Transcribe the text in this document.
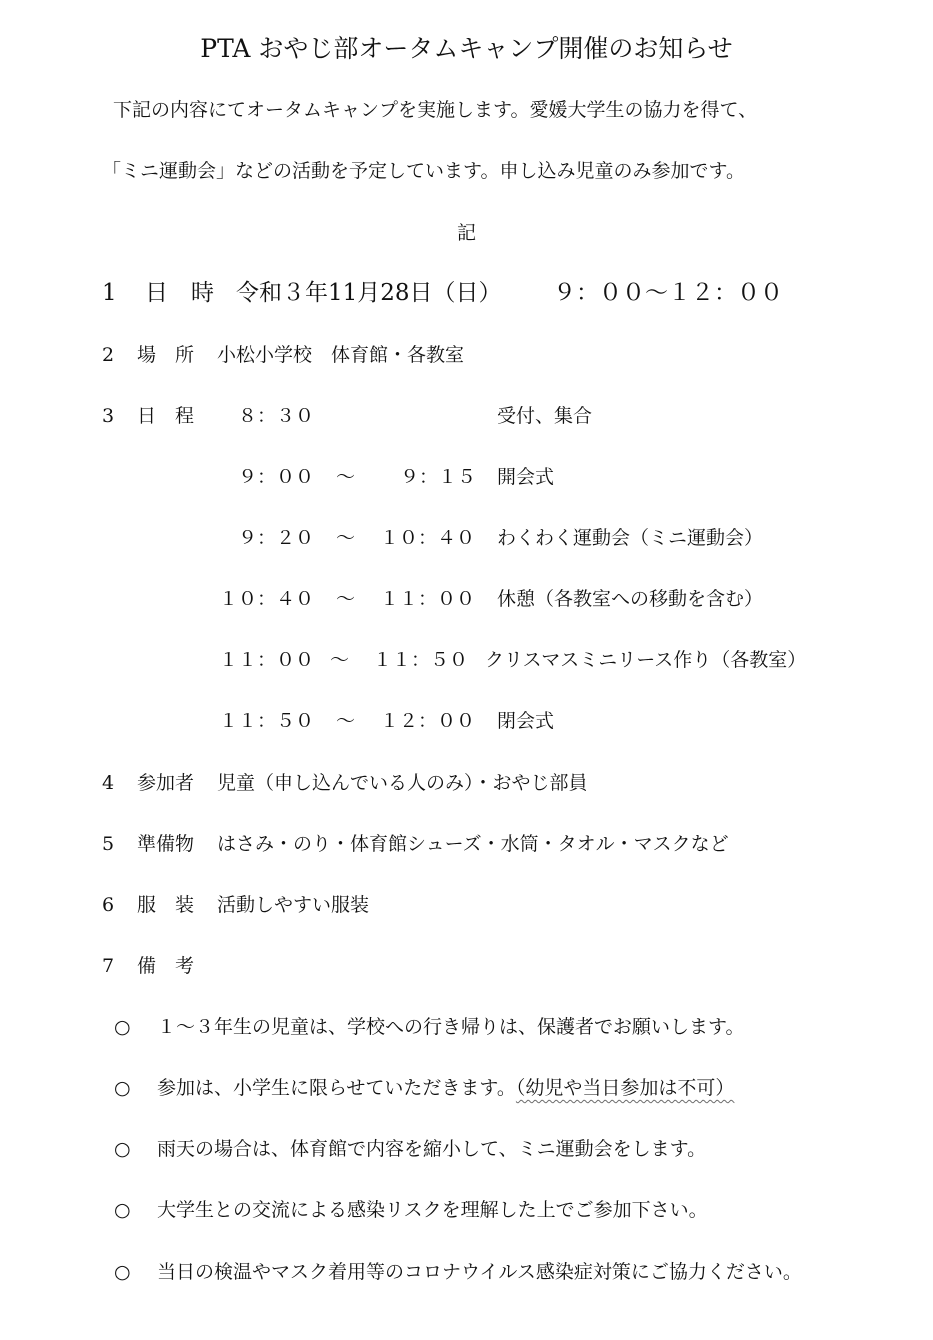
PTA おやじ部オータムキャンプ開催のお知らせ
下記の内容にてオータムキャンプを実施します。愛媛大学生の協力を得て、
「ミニ運動会」などの活動を予定しています。申し込み児童のみ参加です。
記
1 日　時 令和３年11月28日（日） ９：００〜１２：００
2 場　所 小松小学校　体育館・各教室
3 日　程 ８：３０	受付、集合
９：００ 〜 ９：１５ 開会式
９：２０ 〜 １０：４０ わくわく運動会（ミニ運動会）
１０：４０ 〜 １１：００ 休憩（各教室への移動を含む）
１１：００ 〜 １１：５０ クリスマスミニリース作り（各教室）
１１：５０ 〜 １２：００ 閉会式
4 参加者 児童（申し込んでいる人のみ）・おやじ部員
5 準備物 はさみ・のり・体育館シューズ・水筒・タオル・マスクなど
6 服　装 活動しやすい服装
7 備　考
○ １〜３年生の児童は、学校への行き帰りは、保護者でお願いします。
○ 参加は、小学生に限らせていただきます。（幼児や当日参加は不可）
○ 雨天の場合は、体育館で内容を縮小して、ミニ運動会をします。
○ 大学生との交流による感染リスクを理解した上でご参加下さい。
○ 当日の検温やマスク着用等のコロナウイルス感染症対策にご協力ください。
